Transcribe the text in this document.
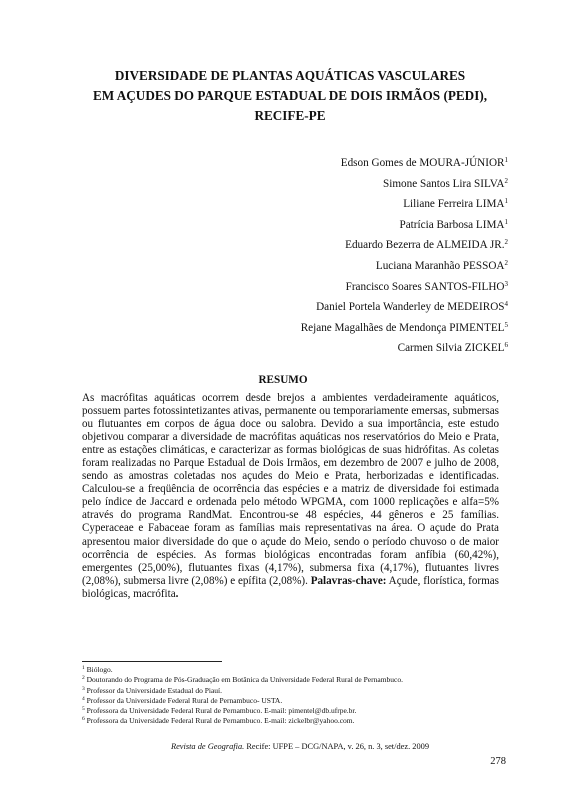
DIVERSIDADE DE PLANTAS AQUÁTICAS VASCULARES
EM AÇUDES DO PARQUE ESTADUAL DE DOIS IRMÃOS (PEDI),
RECIFE-PE
Edson Gomes de MOURA-JÚNIOR$^1$
Simone Santos Lira SILVA$^2$
Liliane Ferreira LIMA$^1$
Patrícia Barbosa LIMA$^1$
Eduardo Bezerra de ALMEIDA JR.$^2$
Luciana Maranhão PESSOA$^2$
Francisco Soares SANTOS-FILHO$^3$
Daniel Portela Wanderley de MEDEIROS$^4$
Rejane Magalhães de Mendonça PIMENTEL$^5$
Carmen Silvia ZICKEL$^6$
RESUMO
As macrófitas aquáticas ocorrem desde brejos a ambientes verdadeiramente aquáticos, possuem partes fotossintetizantes ativas, permanente ou temporariamente emersas, submersas ou flutuantes em corpos de água doce ou salobra. Devido a sua importância, este estudo objetivou comparar a diversidade de macrófitas aquáticas nos reservatórios do Meio e Prata, entre as estações climáticas, e caracterizar as formas biológicas de suas hidrófitas. As coletas foram realizadas no Parque Estadual de Dois Irmãos, em dezembro de 2007 e julho de 2008, sendo as amostras coletadas nos açudes do Meio e Prata, herborizadas e identificadas. Calculou-se a freqüência de ocorrência das espécies e a matriz de diversidade foi estimada pelo índice de Jaccard e ordenada pelo método WPGMA, com 1000 replicações e alfa=5% através do programa RandMat. Encontrou-se 48 espécies, 44 gêneros e 25 famílias. Cyperaceae e Fabaceae foram as famílias mais representativas na área. O açude do Prata apresentou maior diversidade do que o açude do Meio, sendo o período chuvoso o de maior ocorrência de espécies. As formas biológicas encontradas foram anfíbia (60,42%), emergentes (25,00%), flutuantes fixas (4,17%), submersa fixa (4,17%), flutuantes livres (2,08%), submersa livre (2,08%) e epífita (2,08%). Palavras-chave: Açude, florística, formas biológicas, macrófita.
$^1$ Biólogo.
$^2$ Doutorando do Programa de Pós-Graduação em Botânica da Universidade Federal Rural de Pernambuco.
$^3$ Professor da Universidade Estadual do Piauí.
$^4$ Professor da Universidade Federal Rural de Pernambuco- USTA.
$^5$ Professora da Universidade Federal Rural de Pernambuco. E-mail: pimentel@db.ufrpe.br.
$^6$ Professora da Universidade Federal Rural de Pernambuco. E-mail: zickelbr@yahoo.com.
Revista de Geografia. Recife: UFPE – DCG/NAPA, v. 26, n. 3, set/dez. 2009
278
